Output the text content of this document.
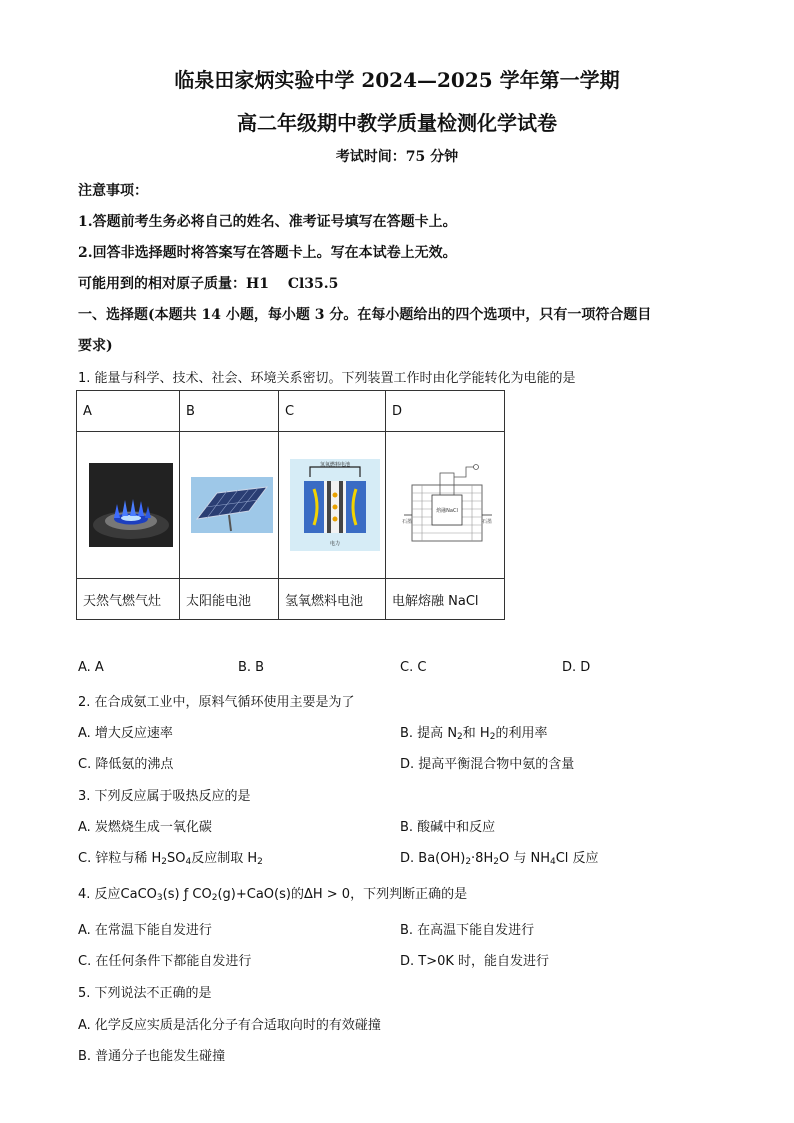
临泉田家炳实验中学 2024—2025 学年第一学期
高二年级期中教学质量检测化学试卷
考试时间：75 分钟
注意事项：
1.答题前考生务必将自己的姓名、准考证号填写在答题卡上。
2.回答非选择题时将答案写在答题卡上。写在本试卷上无效。
可能用到的相对原子质量：H1　 Cl35.5
一、选择题(本题共 14 小题，每小题 3 分。在每小题给出的四个选项中，只有一项符合题目
要求)
1. 能量与科学、技术、社会、环境关系密切。下列装置工作时由化学能转化为电能的是
A	B	C	D

氢氧燃料电池
电力	熔融NaCl
石墨 石墨

天然气燃气灶	太阳能电池	氢氧燃料电池	电解熔融 NaCl
A. A	B. B	C. C	D. D
2. 在合成氨工业中，原料气循环使用主要是为了
A. 增大反应速率	B. 提高 $N_2$和 $H_2$的利用率
C. 降低氨的沸点	D. 提高平衡混合物中氨的含量
3. 下列反应属于吸热反应的是
A. 炭燃烧生成一氧化碳	B. 酸碱中和反应
C. 锌粒与稀 $H_2SO_4$反应制取 $H_2$	D. $Ba(OH)_2\cdot 8H_2O$ 与 $NH_4Cl$ 反应
4. 反应CaCO$_3$(s) ƒ $CO_2(g)+CaO(s)$的ΔH > 0，下列判断正确的是
A. 在常温下能自发进行	B. 在高温下能自发进行
C. 在任何条件下都能自发进行	D. T>0K 时，能自发进行
5. 下列说法不正确的是
A. 化学反应实质是活化分子有合适取向时的有效碰撞
B. 普通分子也能发生碰撞
